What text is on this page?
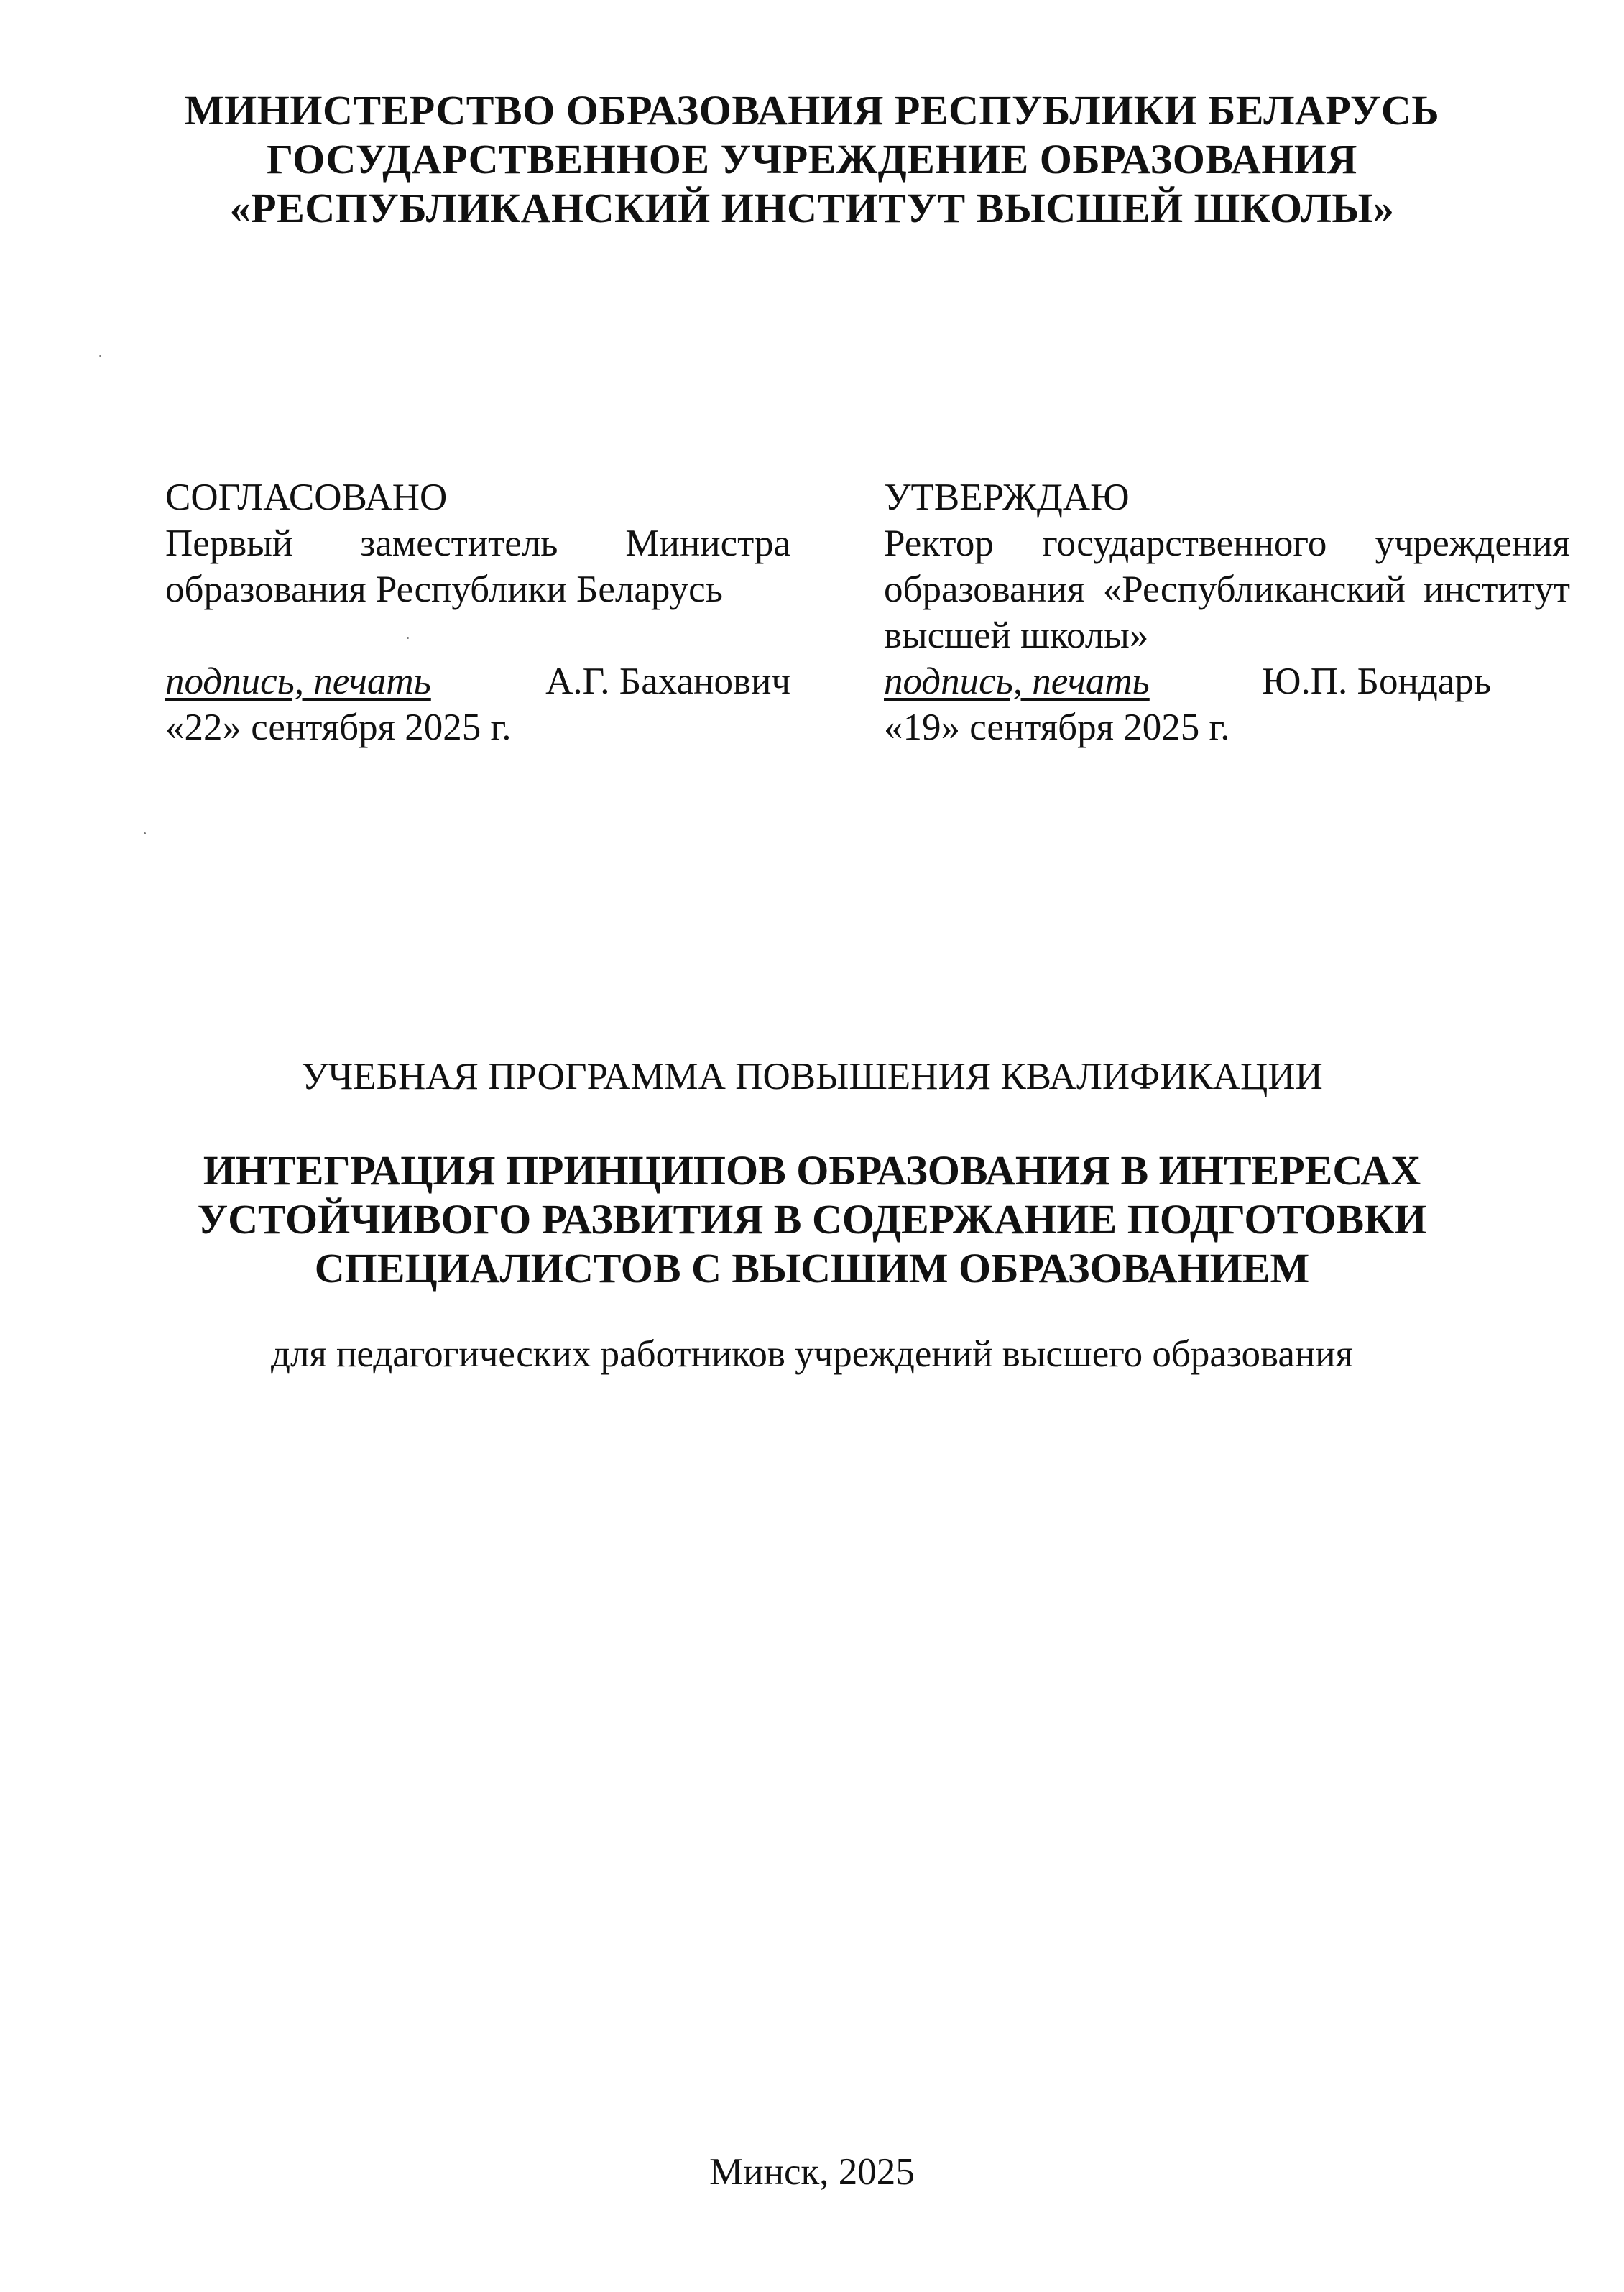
МИНИСТЕРСТВО ОБРАЗОВАНИЯ РЕСПУБЛИКИ БЕЛАРУСЬ
ГОСУДАРСТВЕННОЕ УЧРЕЖДЕНИЕ ОБРАЗОВАНИЯ
«РЕСПУБЛИКАНСКИЙ ИНСТИТУТ ВЫСШЕЙ ШКОЛЫ»
СОГЛАСОВАНО
Первый заместитель Министра образования Республики Беларусь
подпись, печать	А.Г. Баханович
«22» сентября 2025 г.
УТВЕРЖДАЮ
Ректор государственного учреждения образования «Республиканский институт высшей школы»
подпись, печать	Ю.П. Бондарь
«19» сентября 2025 г.
УЧЕБНАЯ ПРОГРАММА ПОВЫШЕНИЯ КВАЛИФИКАЦИИ
ИНТЕГРАЦИЯ ПРИНЦИПОВ ОБРАЗОВАНИЯ В ИНТЕРЕСАХ
УСТОЙЧИВОГО РАЗВИТИЯ В СОДЕРЖАНИЕ ПОДГОТОВКИ
СПЕЦИАЛИСТОВ С ВЫСШИМ ОБРАЗОВАНИЕМ
для педагогических работников учреждений высшего образования
Минск, 2025
